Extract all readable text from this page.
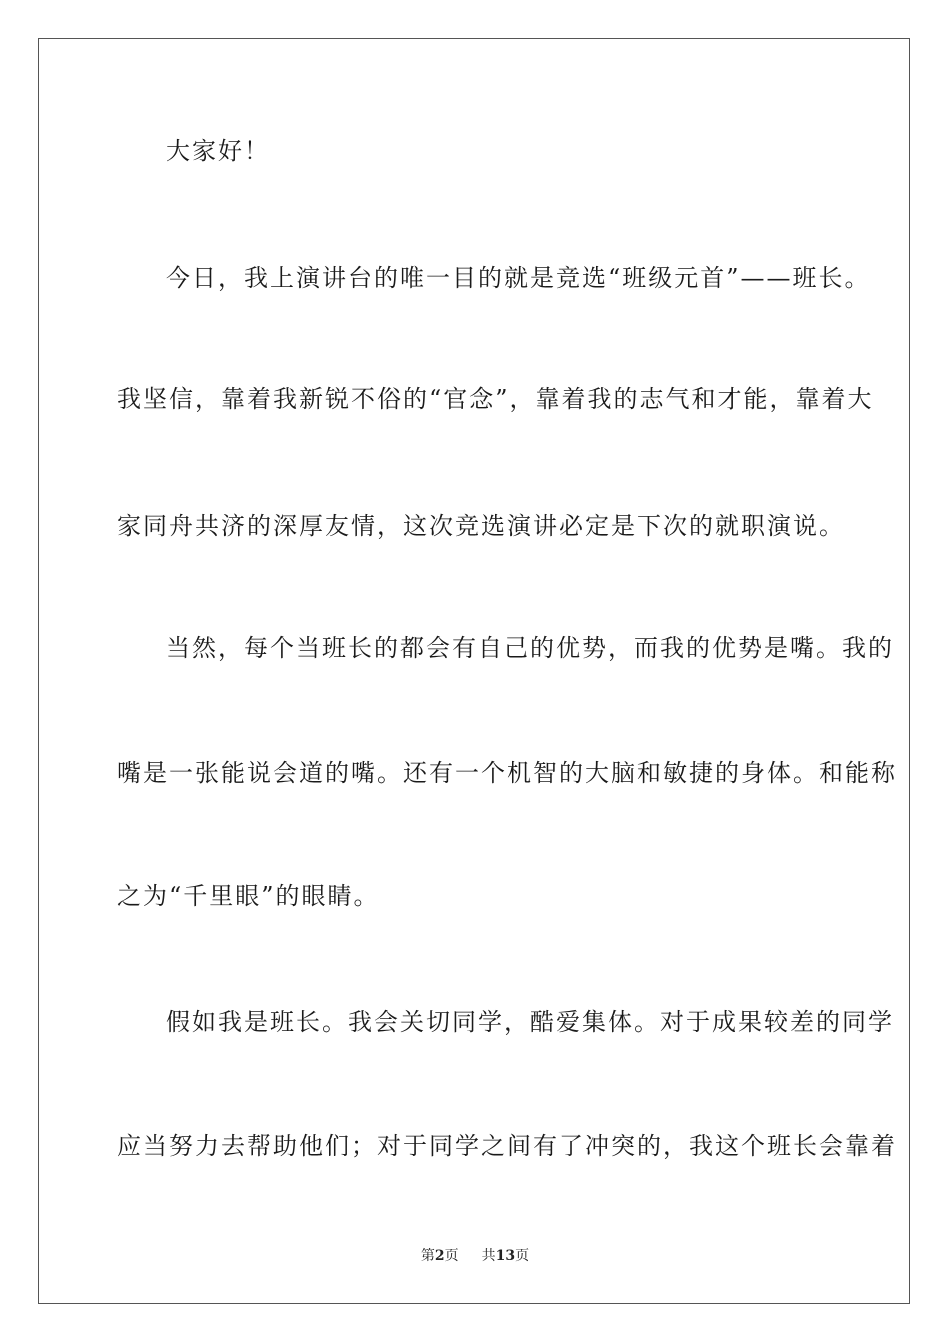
大家好！
今日，我上演讲台的唯一目的就是竞选“班级元首”——班长。
我坚信，靠着我新锐不俗的“官念”，靠着我的志气和才能，靠着大
家同舟共济的深厚友情，这次竞选演讲必定是下次的就职演说。
当然，每个当班长的都会有自己的优势，而我的优势是嘴。我的
嘴是一张能说会道的嘴。还有一个机智的大脑和敏捷的身体。和能称
之为“千里眼”的眼睛。
假如我是班长。我会关切同学，酷爱集体。对于成果较差的同学
应当努力去帮助他们；对于同学之间有了冲突的，我这个班长会靠着
第2页 共13页
